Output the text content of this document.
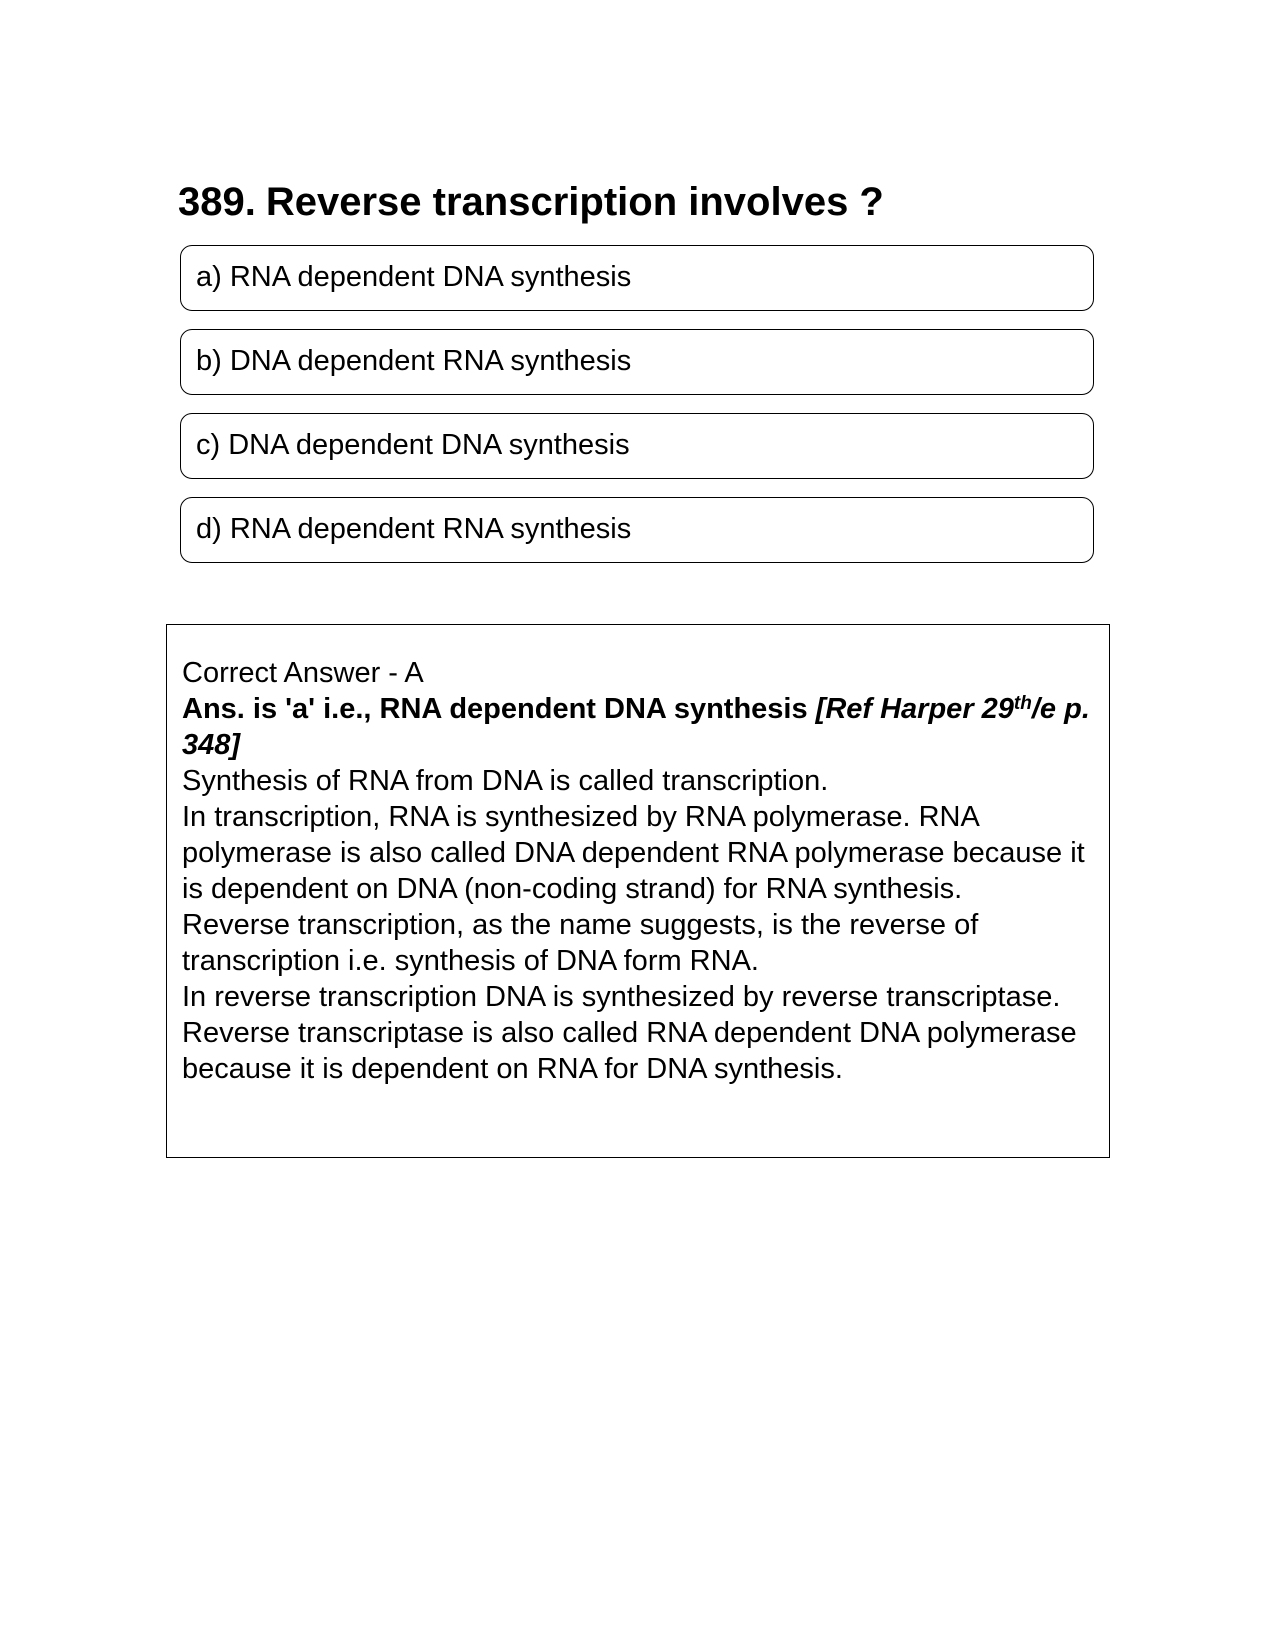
389. Reverse transcription involves ?
a) RNA dependent DNA synthesis
b) DNA dependent RNA synthesis
c) DNA dependent DNA synthesis
d) RNA dependent RNA synthesis

Correct Answer - A

Ans. is 'a' i.e., RNA dependent DNA synthesis [Ref Harper 29th/e p. 348]

Synthesis of RNA from DNA is called transcription.

In transcription, RNA is synthesized by RNA polymerase. RNA polymerase is also called DNA dependent RNA polymerase because it is dependent on DNA (non-coding strand) for RNA synthesis.

Reverse transcription, as the name suggests, is the reverse of transcription i.e. synthesis of DNA form RNA.

In reverse transcription DNA is synthesized by reverse transcriptase. Reverse transcriptase is also called RNA dependent DNA polymerase because it is dependent on RNA for DNA synthesis.
